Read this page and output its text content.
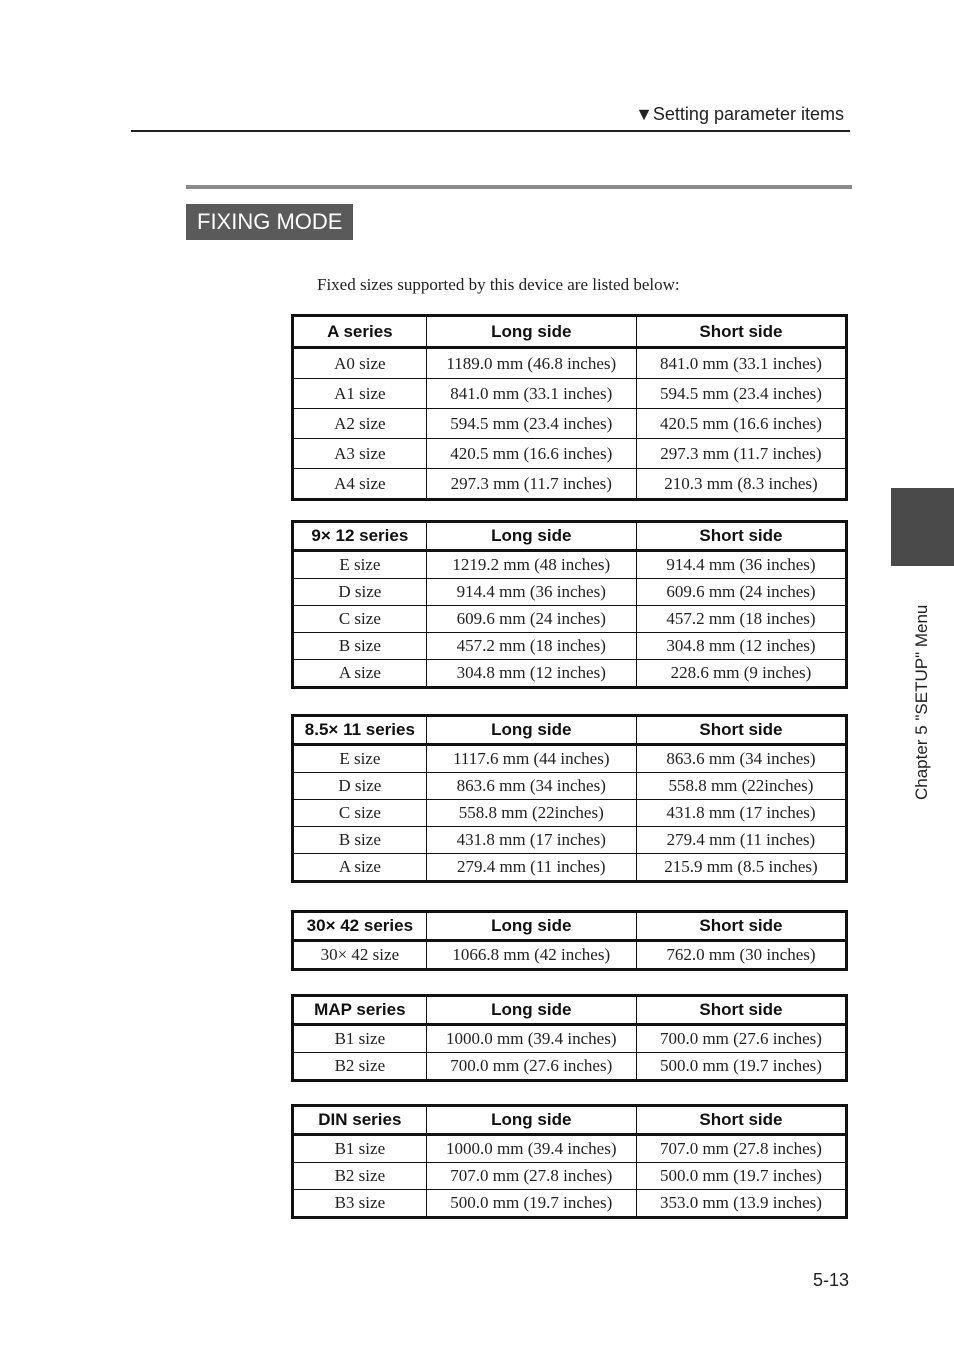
▼Setting parameter items
FIXING MODE
Fixed sizes supported by this device are listed below:
A series	Long side	Short side
A0 size	1189.0 mm (46.8 inches)	841.0 mm (33.1 inches)
A1 size	841.0 mm (33.1 inches)	594.5 mm (23.4 inches)
A2 size	594.5 mm (23.4 inches)	420.5 mm (16.6 inches)
A3 size	420.5 mm (16.6 inches)	297.3 mm (11.7 inches)
A4 size	297.3 mm (11.7 inches)	210.3 mm (8.3 inches)
9× 12 series	Long side	Short side
E size	1219.2 mm (48 inches)	914.4 mm (36 inches)
D size	914.4 mm (36 inches)	609.6 mm (24 inches)
C size	609.6 mm (24 inches)	457.2 mm (18 inches)
B size	457.2 mm (18 inches)	304.8 mm (12 inches)
A size	304.8 mm (12 inches)	228.6 mm (9 inches)
8.5× 11 series	Long side	Short side
E size	1117.6 mm (44 inches)	863.6 mm (34 inches)
D size	863.6 mm (34 inches)	558.8 mm (22inches)
C size	558.8 mm (22inches)	431.8 mm (17 inches)
B size	431.8 mm (17 inches)	279.4 mm (11 inches)
A size	279.4 mm (11 inches)	215.9 mm (8.5 inches)
30× 42 series	Long side	Short side
30× 42 size	1066.8 mm (42 inches)	762.0 mm (30 inches)
MAP series	Long side	Short side
B1 size	1000.0 mm (39.4 inches)	700.0 mm (27.6 inches)
B2 size	700.0 mm (27.6 inches)	500.0 mm (19.7 inches)
DIN series	Long side	Short side
B1 size	1000.0 mm (39.4 inches)	707.0 mm (27.8 inches)
B2 size	707.0 mm (27.8 inches)	500.0 mm (19.7 inches)
B3 size	500.0 mm (19.7 inches)	353.0 mm (13.9 inches)
Chapter 5 "SETUP" Menu
5-13
